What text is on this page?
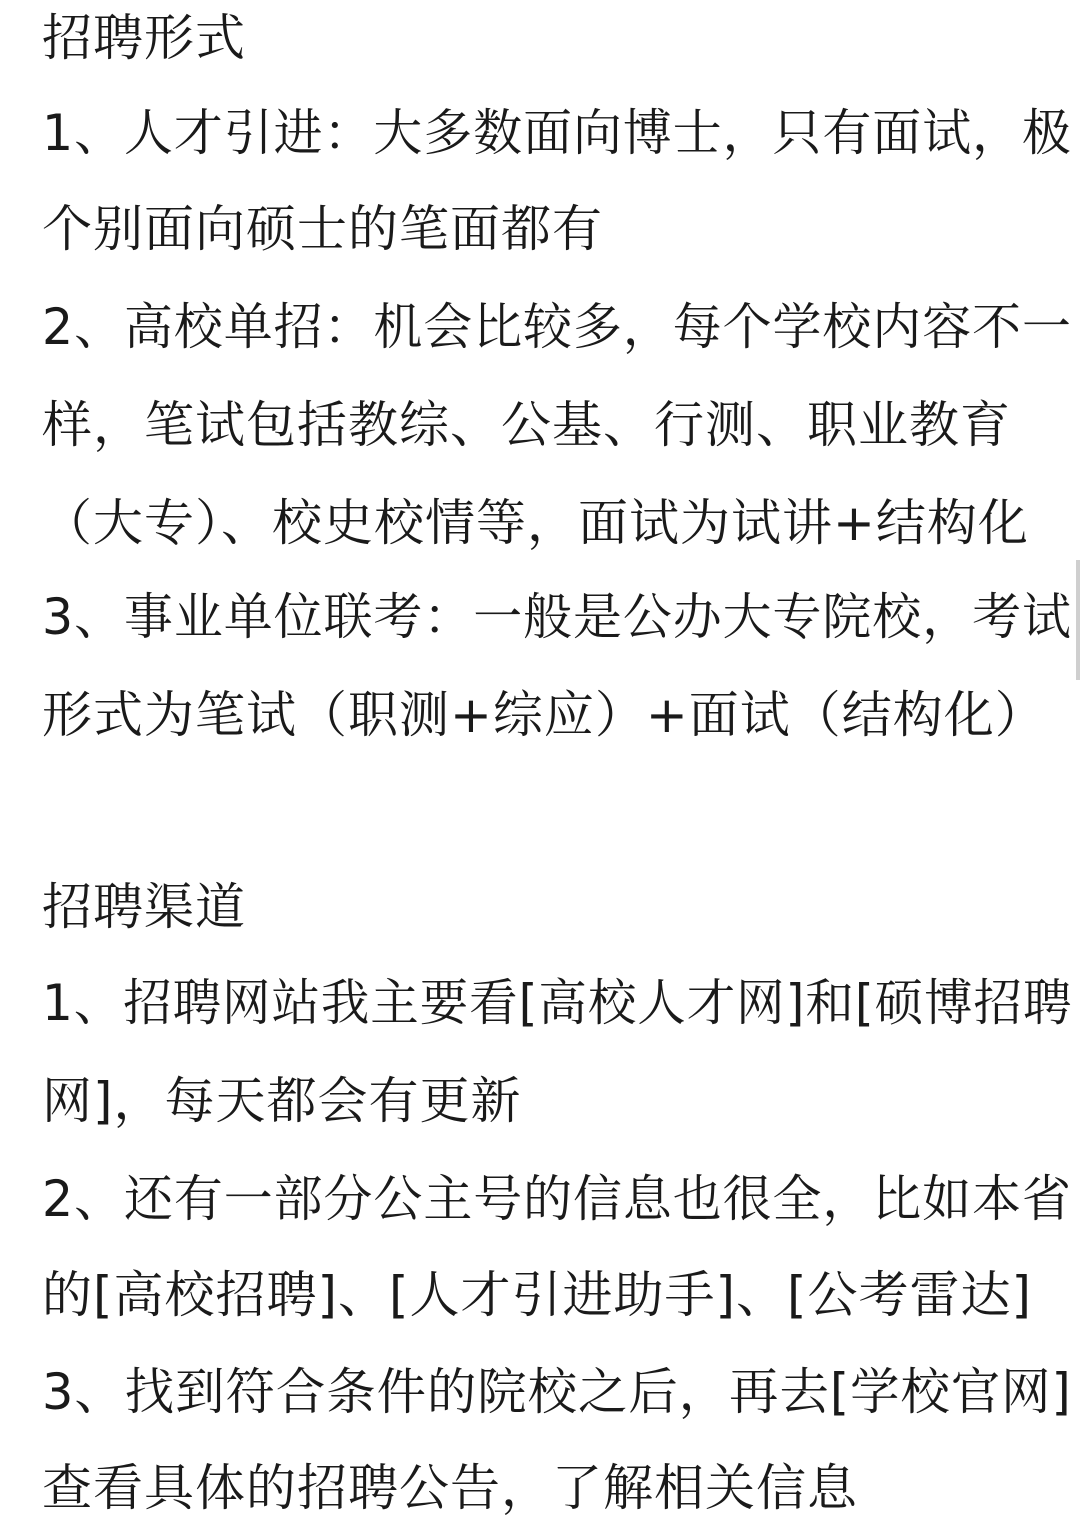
招聘形式
1、人才引进：大多数面向博士，只有面试，极
个别面向硕士的笔面都有
2、高校单招：机会比较多，每个学校内容不一
样，笔试包括教综、公基、行测、职业教育
（大专）、校史校情等，面试为试讲+结构化
3、事业单位联考：一般是公办大专院校，考试
形式为笔试（职测+综应）+面试（结构化）
招聘渠道
1、招聘网站我主要看[高校人才网]和[硕博招聘
网]，每天都会有更新
2、还有一部分公主号的信息也很全，比如本省
的[高校招聘]、[人才引进助手]、[公考雷达]
3、找到符合条件的院校之后，再去[学校官网]
查看具体的招聘公告，了解相关信息
